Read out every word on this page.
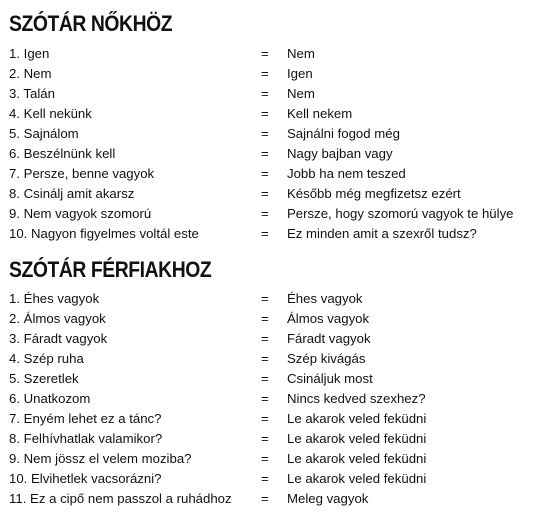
SZÓTÁR NŐKHÖZ
1. Igen	= Nem
2. Nem	= Igen
3. Talán	= Nem
4. Kell nekünk	= Kell nekem
5. Sajnálom	= Sajnálni fogod még
6. Beszélnünk kell	= Nagy bajban vagy
7. Persze, benne vagyok	= Jobb ha nem teszed
8. Csinálj amit akarsz	= Később még megfizetsz ezért
9. Nem vagyok szomorú	= Persze, hogy szomorú vagyok te hülye
10. Nagyon figyelmes voltál este	= Ez minden amit a szexről tudsz?
SZÓTÁR FÉRFIAKHOZ
1. Éhes vagyok	= Éhes vagyok
2. Álmos vagyok	= Álmos vagyok
3. Fáradt vagyok	= Fáradt vagyok
4. Szép ruha	= Szép kivágás
5. Szeretlek	= Csináljuk most
6. Unatkozom	= Nincs kedved szexhez?
7. Enyém lehet ez a tánc?	= Le akarok veled feküdni
8. Felhívhatlak valamikor?	= Le akarok veled feküdni
9. Nem jössz el velem moziba?	= Le akarok veled feküdni
10. Elvihetlek vacsorázni?	= Le akarok veled feküdni
11. Ez a cipő nem passzol a ruhádhoz = Meleg vagyok
